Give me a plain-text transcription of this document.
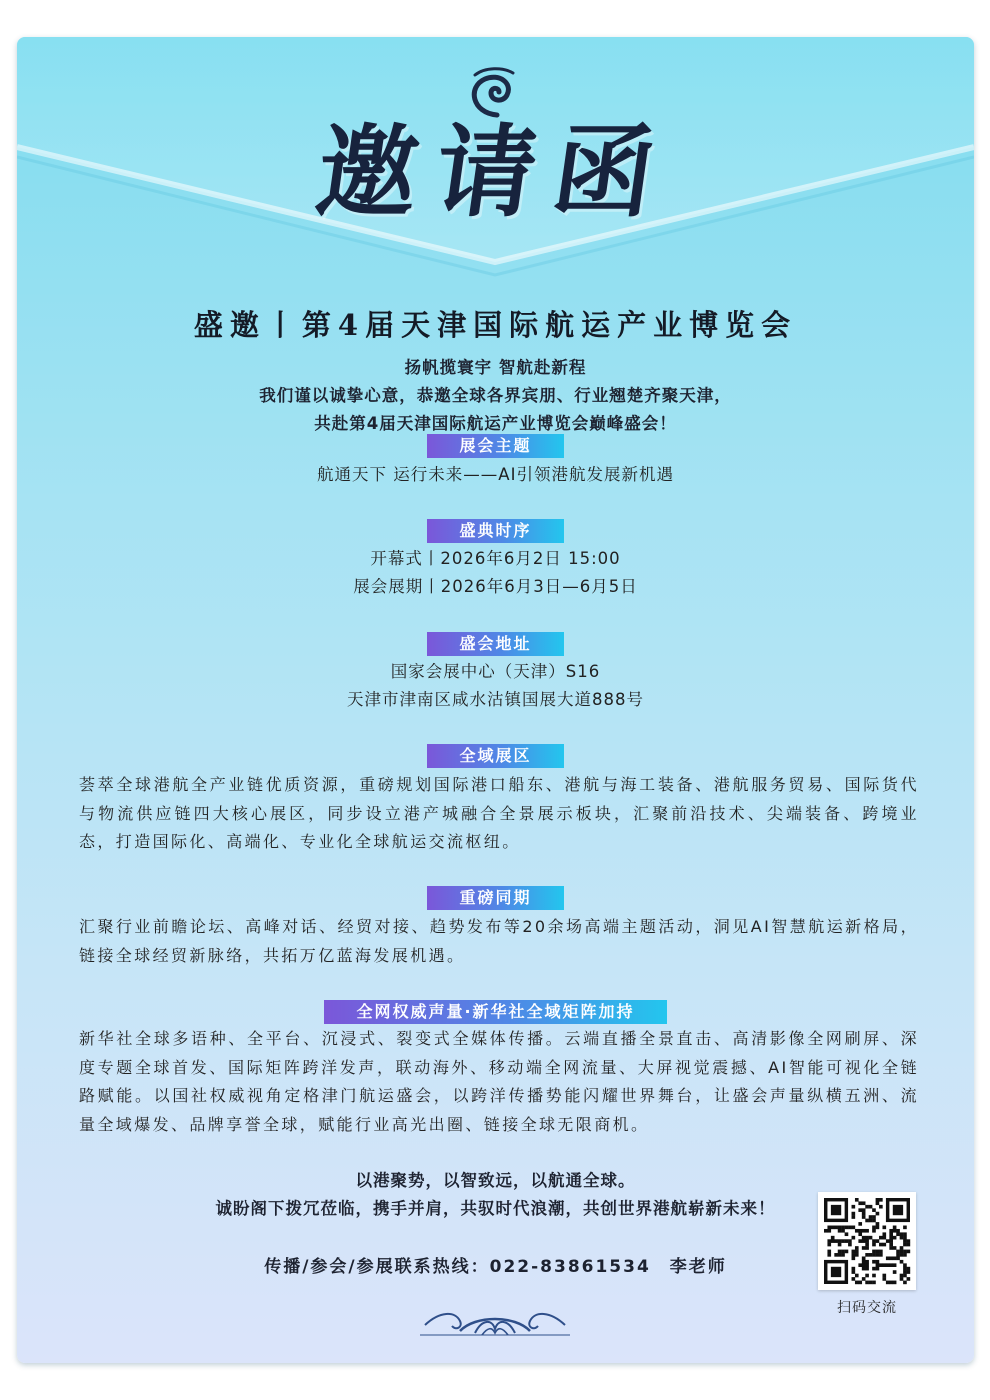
邀请函
盛邀丨第4届天津国际航运产业博览会
扬帆揽寰宇 智航赴新程
我们谨以诚挚心意，恭邀全球各界宾朋、行业翘楚齐聚天津，
共赴第4届天津国际航运产业博览会巅峰盛会！
展会主题
航通天下 运行未来——AI引领港航发展新机遇
盛典时序
开幕式丨2026年6月2日 15:00
展会展期丨2026年6月3日—6月5日
盛会地址
国家会展中心（天津）S16
天津市津南区咸水沽镇国展大道888号
全域展区
荟萃全球港航全产业链优质资源，重磅规划国际港口船东、港航与海工装备、港航服务贸易、国际货代与物流供应链四大核心展区，同步设立港产城融合全景展示板块，汇聚前沿技术、尖端装备、跨境业态，打造国际化、高端化、专业化全球航运交流枢纽。
重磅同期
汇聚行业前瞻论坛、高峰对话、经贸对接、趋势发布等20余场高端主题活动，洞见AI智慧航运新格局，链接全球经贸新脉络，共拓万亿蓝海发展机遇。
全网权威声量·新华社全域矩阵加持
新华社全球多语种、全平台、沉浸式、裂变式全媒体传播。云端直播全景直击、高清影像全网刷屏、深度专题全球首发、国际矩阵跨洋发声，联动海外、移动端全网流量、大屏视觉震撼、AI智能可视化全链路赋能。以国社权威视角定格津门航运盛会，以跨洋传播势能闪耀世界舞台，让盛会声量纵横五洲、流量全域爆发、品牌享誉全球，赋能行业高光出圈、链接全球无限商机。
以港聚势，以智致远，以航通全球。
诚盼阁下拨冗莅临，携手并肩，共驭时代浪潮，共创世界港航崭新未来！
传播/参会/参展联系热线：022-83861534　李老师
扫码交流
